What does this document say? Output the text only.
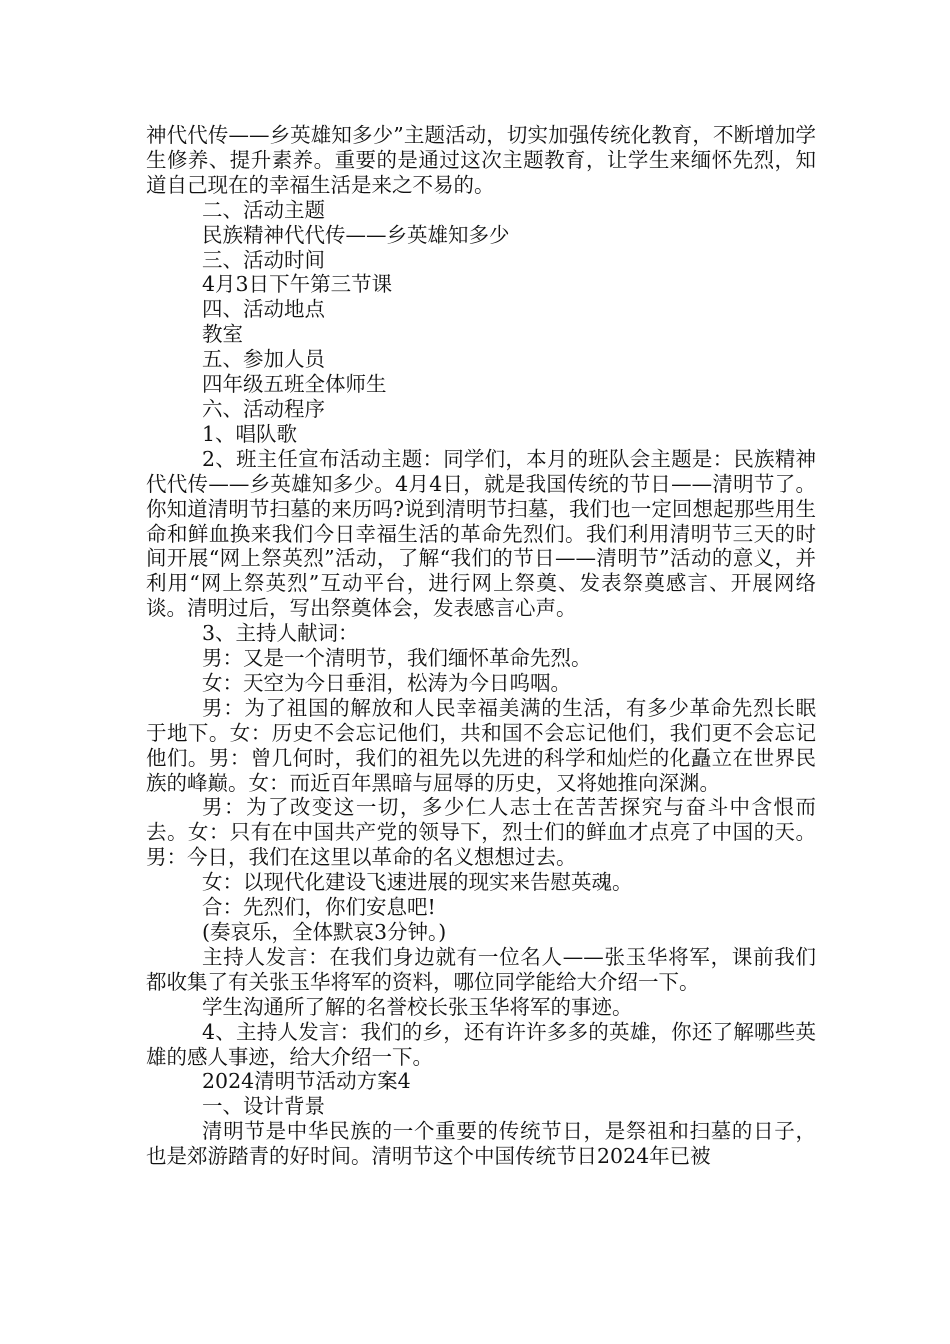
神代代传——乡英雄知多少”主题活动，切实加强传统化教育，不断增加学生修养、提升素养。重要的是通过这次主题教育，让学生来缅怀先烈，知道自己现在的幸福生活是来之不易的。

二、活动主题

民族精神代代传——乡英雄知多少

三、活动时间

4月3日下午第三节课

四、活动地点

教室

五、参加人员

四年级五班全体师生

六、活动程序

1、唱队歌

2、班主任宣布活动主题：同学们，本月的班队会主题是：民族精神代代传——乡英雄知多少。4月4日，就是我国传统的节日——清明节了。你知道清明节扫墓的来历吗?说到清明节扫墓，我们也一定回想起那些用生命和鲜血换来我们今日幸福生活的革命先烈们。我们利用清明节三天的时间开展“网上祭英烈”活动，了解“我们的节日——清明节”活动的意义，并利用“网上祭英烈”互动平台，进行网上祭奠、发表祭奠感言、开展网络谈。清明过后，写出祭奠体会，发表感言心声。

3、主持人献词：

男：又是一个清明节，我们缅怀革命先烈。

女：天空为今日垂泪，松涛为今日呜咽。

男：为了祖国的解放和人民幸福美满的生活，有多少革命先烈长眠于地下。女：历史不会忘记他们，共和国不会忘记他们，我们更不会忘记他们。男：曾几何时，我们的祖先以先进的科学和灿烂的化矗立在世界民族的峰巅。女：而近百年黑暗与屈辱的历史，又将她推向深渊。

男：为了改变这一切，多少仁人志士在苦苦探究与奋斗中含恨而去。女：只有在中国共产党的领导下，烈士们的鲜血才点亮了中国的天。男：今日，我们在这里以革命的名义想想过去。

女：以现代化建设飞速进展的现实来告慰英魂。

合：先烈们，你们安息吧!

(奏哀乐，全体默哀3分钟。)

主持人发言：在我们身边就有一位名人——张玉华将军，课前我们都收集了有关张玉华将军的资料，哪位同学能给大介绍一下。

学生沟通所了解的名誉校长张玉华将军的事迹。

4、主持人发言：我们的乡，还有许许多多的英雄，你还了解哪些英雄的感人事迹，给大介绍一下。

2024清明节活动方案4

一、设计背景

清明节是中华民族的一个重要的传统节日，是祭祖和扫墓的日子，也是郊游踏青的好时间。清明节这个中国传统节日2024年已被
